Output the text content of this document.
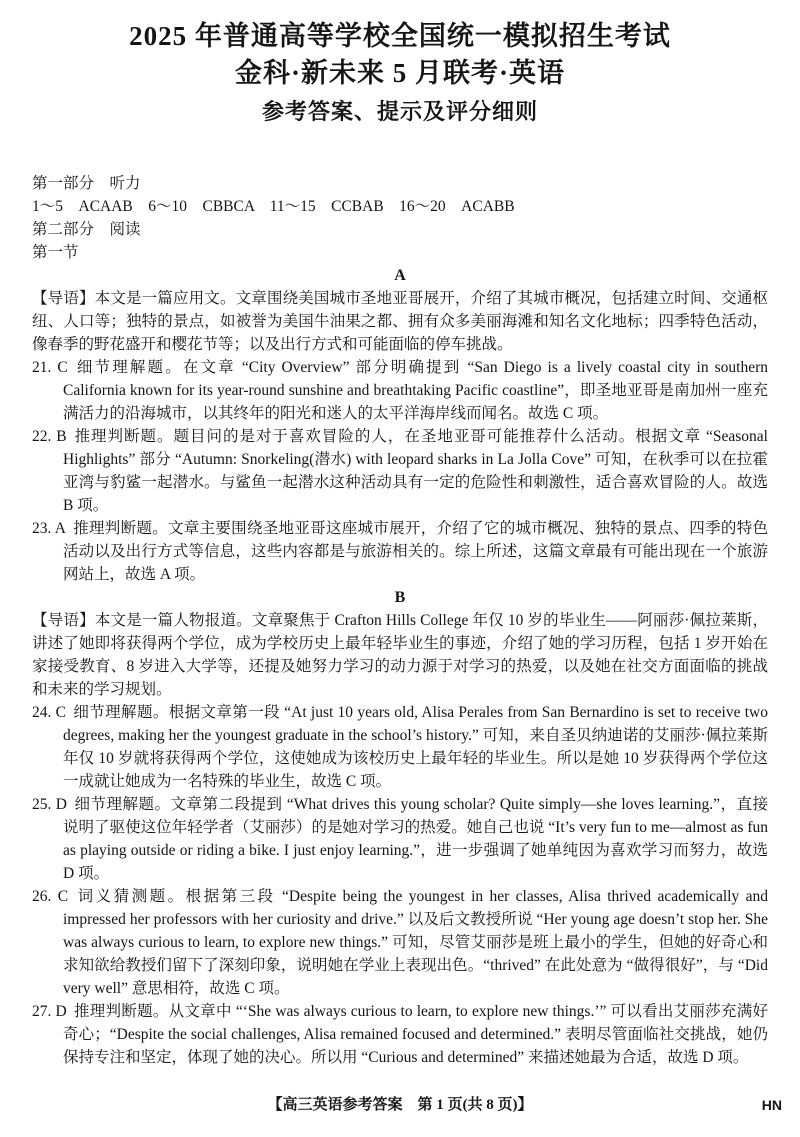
2025 年普通高等学校全国统一模拟招生考试
金科·新未来 5 月联考·英语
参考答案、提示及评分细则

第一部分　听力

1～5　ACAAB　6～10　CBBCA　11～15　CCBAB　16～20　ACABB

第二部分　阅读

第一节

A

【导语】本文是一篇应用文。文章围绕美国城市圣地亚哥展开，介绍了其城市概况，包括建立时间、交通枢纽、人口等；独特的景点，如被誉为美国牛油果之都、拥有众多美丽海滩和知名文化地标；四季特色活动，像春季的野花盛开和樱花节等；以及出行方式和可能面临的停车挑战。

21. C 细节理解题。在文章 “City Overview” 部分明确提到 “San Diego is a lively coastal city in southern California known for its year-round sunshine and breathtaking Pacific coastline”，即圣地亚哥是南加州一座充满活力的沿海城市，以其终年的阳光和迷人的太平洋海岸线而闻名。故选 C 项。

22. B 推理判断题。题目问的是对于喜欢冒险的人，在圣地亚哥可能推荐什么活动。根据文章 “Seasonal Highlights” 部分 “Autumn: Snorkeling(潜水) with leopard sharks in La Jolla Cove” 可知，在秋季可以在拉霍亚湾与豹鲨一起潜水。与鲨鱼一起潜水这种活动具有一定的危险性和刺激性，适合喜欢冒险的人。故选 B 项。

23. A 推理判断题。文章主要围绕圣地亚哥这座城市展开，介绍了它的城市概况、独特的景点、四季的特色活动以及出行方式等信息，这些内容都是与旅游相关的。综上所述，这篇文章最有可能出现在一个旅游网站上，故选 A 项。

B

【导语】本文是一篇人物报道。文章聚焦于 Crafton Hills College 年仅 10 岁的毕业生——阿丽莎·佩拉莱斯，讲述了她即将获得两个学位，成为学校历史上最年轻毕业生的事迹，介绍了她的学习历程，包括 1 岁开始在家接受教育、8 岁进入大学等，还提及她努力学习的动力源于对学习的热爱，以及她在社交方面面临的挑战和未来的学习规划。

24. C 细节理解题。根据文章第一段 “At just 10 years old, Alisa Perales from San Bernardino is set to receive two degrees, making her the youngest graduate in the school’s history.” 可知，来自圣贝纳迪诺的艾丽莎·佩拉莱斯年仅 10 岁就将获得两个学位，这使她成为该校历史上最年轻的毕业生。所以是她 10 岁获得两个学位这一成就让她成为一名特殊的毕业生，故选 C 项。

25. D 细节理解题。文章第二段提到 “What drives this young scholar? Quite simply—she loves learning.”，直接说明了驱使这位年轻学者（艾丽莎）的是她对学习的热爱。她自己也说 “It’s very fun to me—almost as fun as playing outside or riding a bike. I just enjoy learning.”，进一步强调了她单纯因为喜欢学习而努力，故选 D 项。

26. C 词义猜测题。根据第三段 “Despite being the youngest in her classes, Alisa thrived academically and impressed her professors with her curiosity and drive.” 以及后文教授所说 “Her young age doesn’t stop her. She was always curious to learn, to explore new things.” 可知，尽管艾丽莎是班上最小的学生，但她的好奇心和求知欲给教授们留下了深刻印象，说明她在学业上表现出色。“thrived” 在此处意为 “做得很好”，与 “Did very well” 意思相符，故选 C 项。

27. D 推理判断题。从文章中 “‘She was always curious to learn, to explore new things.’” 可以看出艾丽莎充满好奇心；“Despite the social challenges, Alisa remained focused and determined.” 表明尽管面临社交挑战，她仍保持专注和坚定，体现了她的决心。所以用 “Curious and determined” 来描述她最为合适，故选 D 项。

【高三英语参考答案　第 1 页(共 8 页)】	HN
